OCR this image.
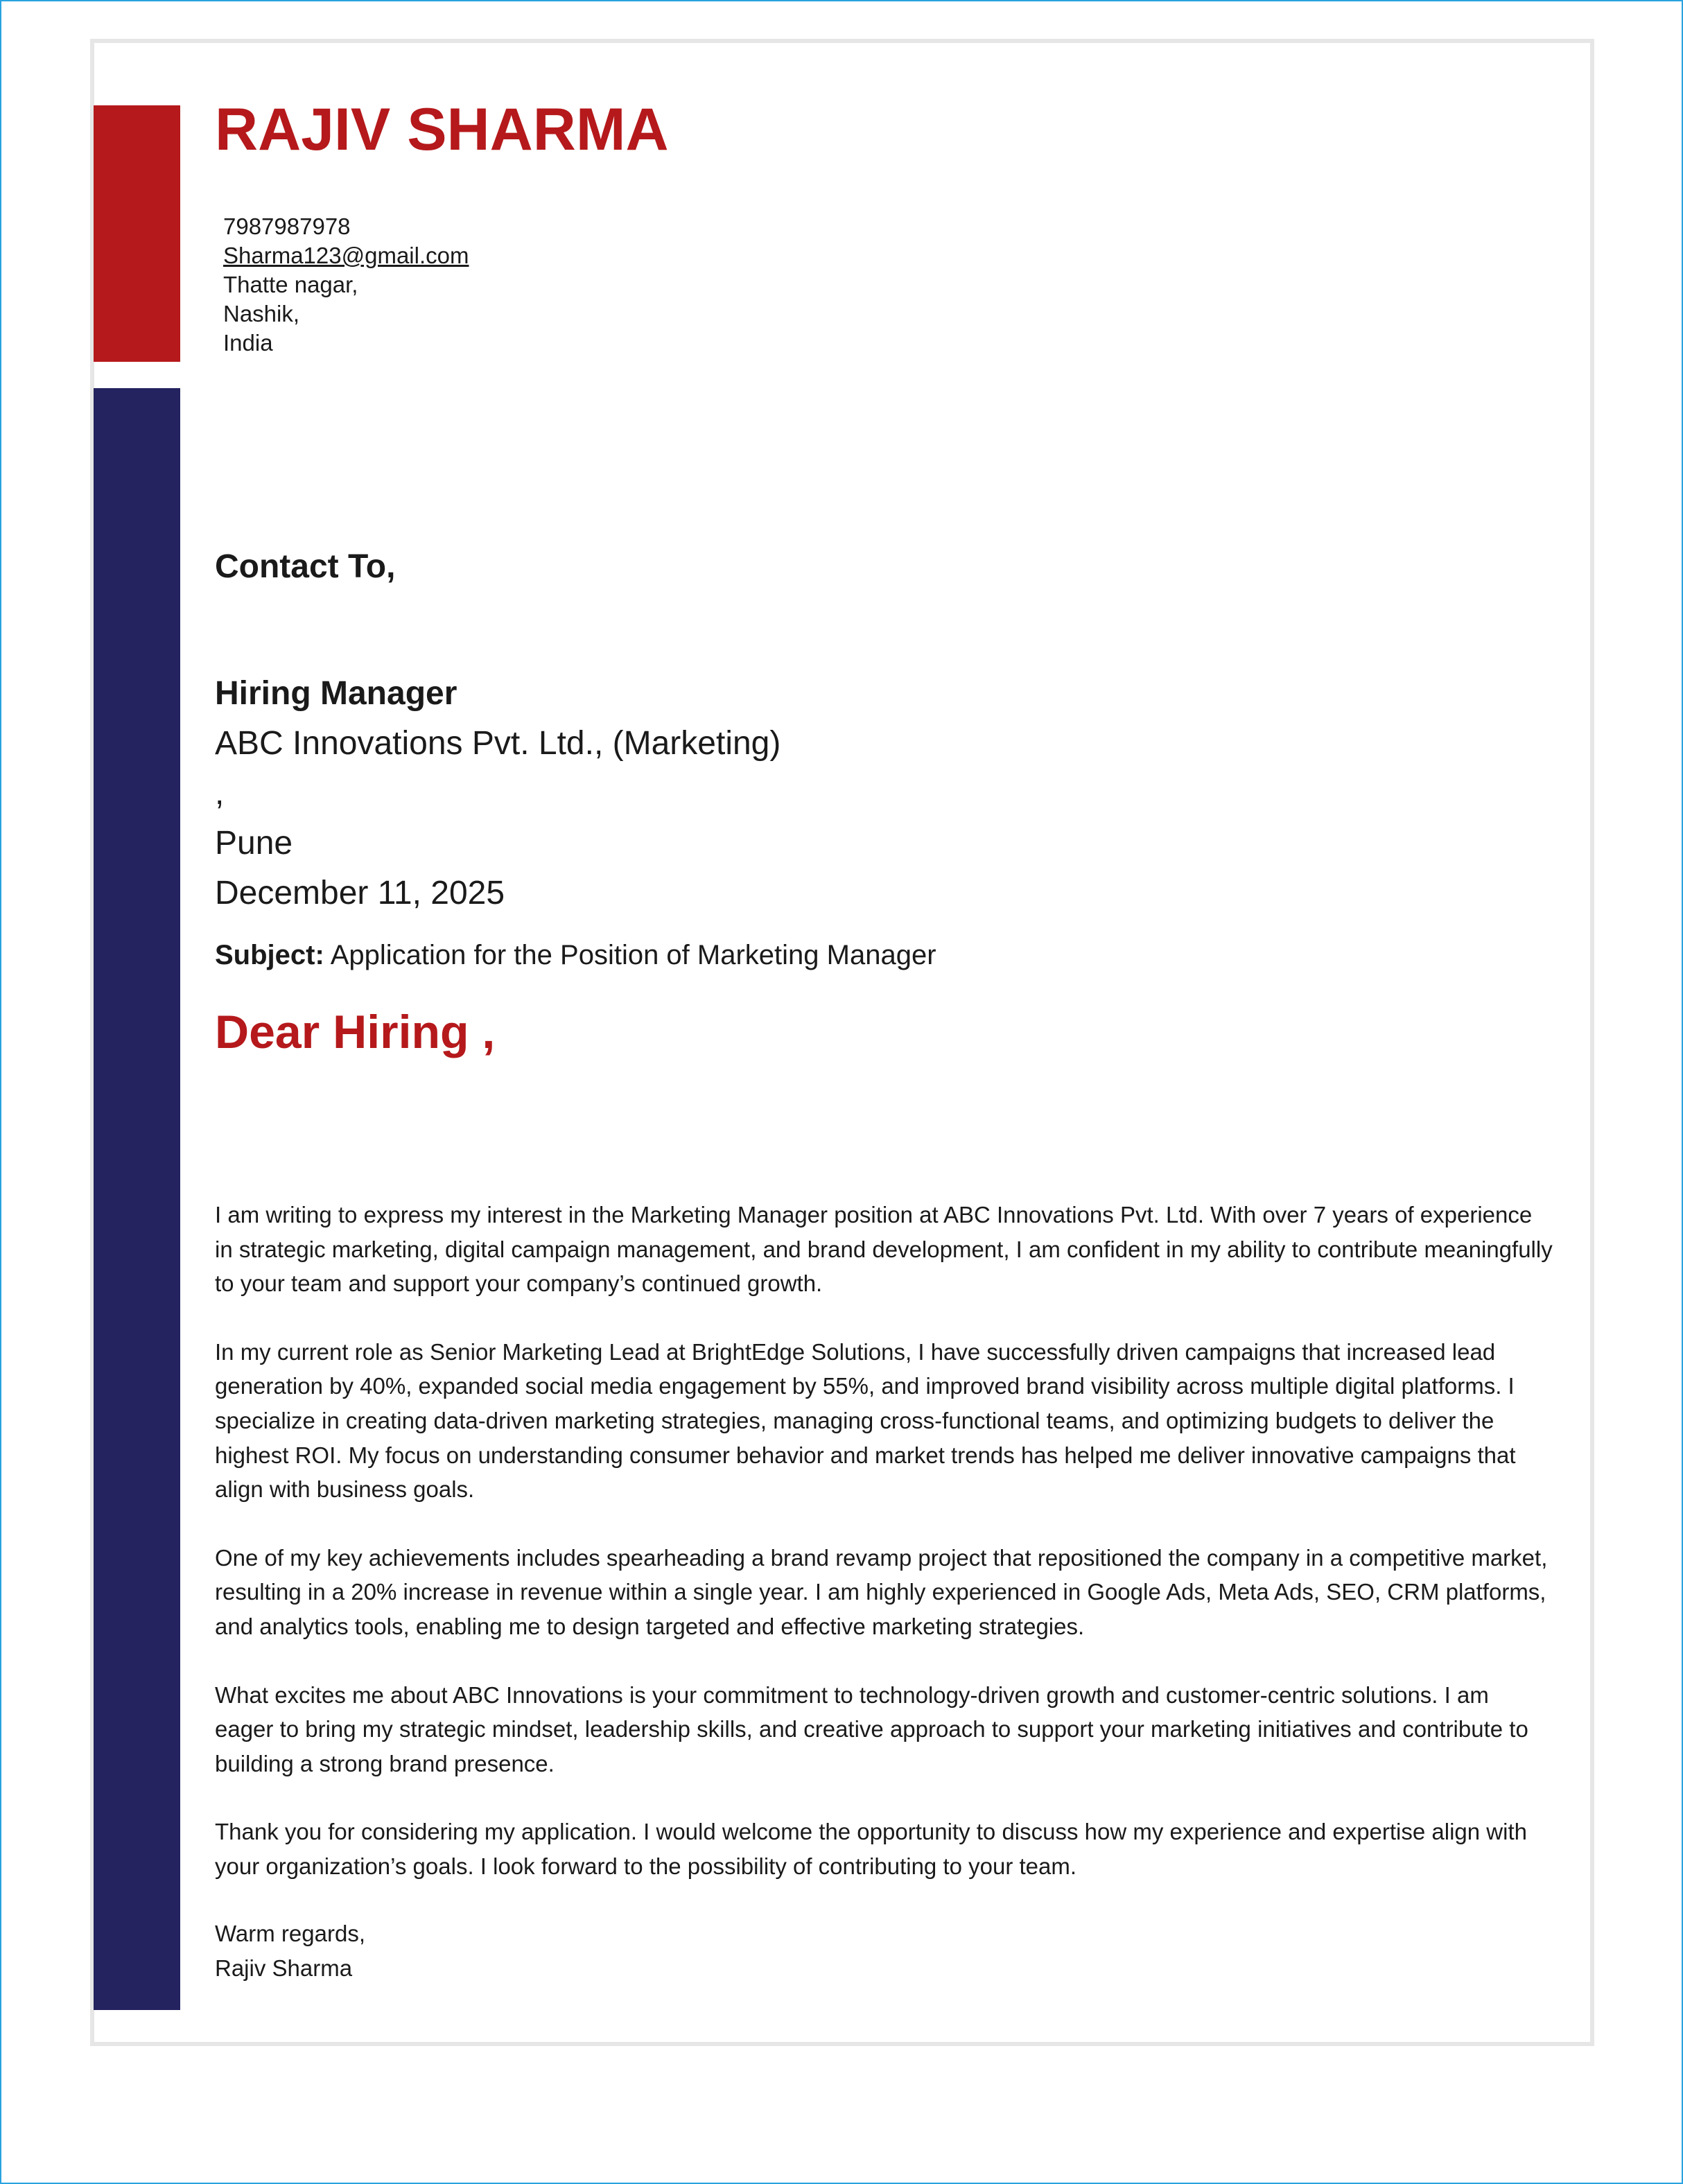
RAJIV SHARMA
7987987978
Sharma123@gmail.com
Thatte nagar,
Nashik,
India
Contact To,
Hiring Manager
ABC Innovations Pvt. Ltd., (Marketing)
,
Pune
December 11, 2025
Subject: Application for the Position of Marketing Manager
Dear Hiring ,

I am writing to express my interest in the Marketing Manager position at ABC Innovations Pvt. Ltd. With over 7 years of experience in strategic marketing, digital campaign management, and brand development, I am confident in my ability to contribute meaningfully to your team and support your company’s continued growth.

In my current role as Senior Marketing Lead at BrightEdge Solutions, I have successfully driven campaigns that increased lead generation by 40%, expanded social media engagement by 55%, and improved brand visibility across multiple digital platforms. I specialize in creating data-driven marketing strategies, managing cross-functional teams, and optimizing budgets to deliver the highest ROI. My focus on understanding consumer behavior and market trends has helped me deliver innovative campaigns that align with business goals.

One of my key achievements includes spearheading a brand revamp project that repositioned the company in a competitive market, resulting in a 20% increase in revenue within a single year. I am highly experienced in Google Ads, Meta Ads, SEO, CRM platforms, and analytics tools, enabling me to design targeted and effective marketing strategies.

What excites me about ABC Innovations is your commitment to technology-driven growth and customer-centric solutions. I am eager to bring my strategic mindset, leadership skills, and creative approach to support your marketing initiatives and contribute to building a strong brand presence.

Thank you for considering my application. I would welcome the opportunity to discuss how my experience and expertise align with your organization’s goals. I look forward to the possibility of contributing to your team.

Warm regards,
Rajiv Sharma
